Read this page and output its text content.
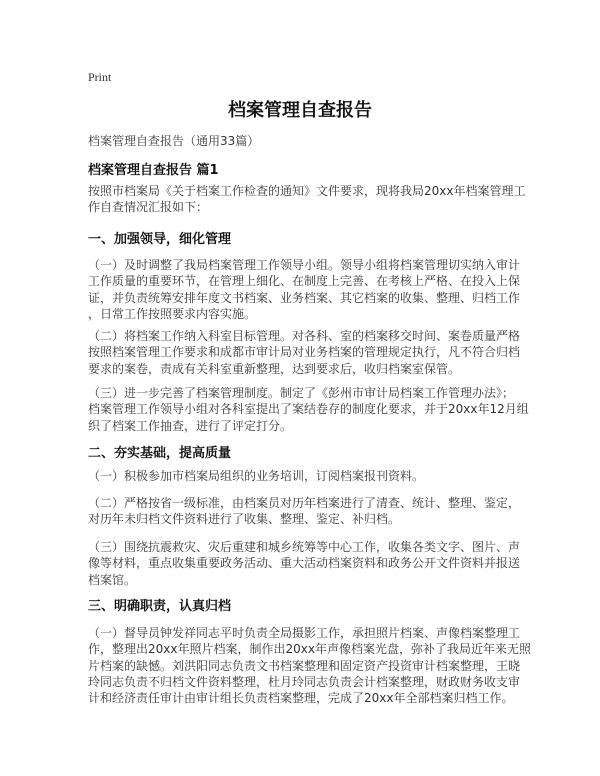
Print
档案管理自查报告
档案管理自查报告（通用33篇）
档案管理自查报告 篇1
按照市档案局《关于档案工作检查的通知》文件要求，现将我局20xx年档案管理工
作自查情况汇报如下：
一、加强领导，细化管理
（一）及时调整了我局档案管理工作领导小组。领导小组将档案管理切实纳入审计
工作质量的重要环节，在管理上细化、在制度上完善、在考核上严格、在投入上保
证，并负责统筹安排年度文书档案、业务档案、其它档案的收集、整理、归档工作
，日常工作按照要求内容实施。
（二）将档案工作纳入科室目标管理。对各科、室的档案移交时间、案卷质量严格
按照档案管理工作要求和成都市审计局对业务档案的管理规定执行，凡不符合归档
要求的案卷，责成有关科室重新整理，达到要求后，收归档案室保管。
（三）进一步完善了档案管理制度。制定了《彭州市审计局档案工作管理办法》；
档案管理工作领导小组对各科室提出了案结卷存的制度化要求，并于20xx年12月组
织了档案工作抽查，进行了评定打分。
二、夯实基础，提高质量
（一）积极参加市档案局组织的业务培训，订阅档案报刊资料。
（二）严格按省一级标准，由档案员对历年档案进行了清查、统计、整理、鉴定，
对历年未归档文件资料进行了收集、整理、鉴定、补归档。
（三）围绕抗震救灾、灾后重建和城乡统筹等中心工作，收集各类文字、图片、声
像等材料，重点收集重要政务活动、重大活动档案资料和政务公开文件资料并报送
档案馆。
三、明确职责，认真归档
（一）督导员钟发祥同志平时负责全局摄影工作，承担照片档案、声像档案整理工
作，整理出20xx年照片档案，制作出20xx年声像档案光盘，弥补了我局近年来无照
片档案的缺憾。刘洪阳同志负责文书档案整理和固定资产投资审计档案整理，王晓
玲同志负责不归档文件资料整理，杜月玲同志负责会计档案整理，财政财务收支审
计和经济责任审计由审计组长负责档案整理，完成了20xx年全部档案归档工作。
